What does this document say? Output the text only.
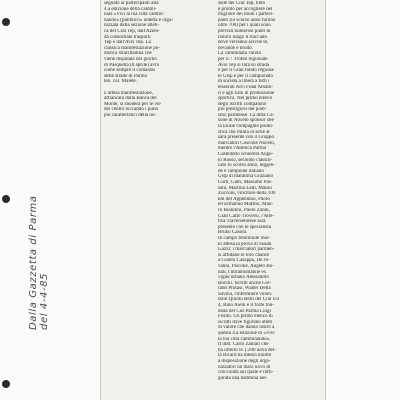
Dalla Gazzetta di Parma del 4-4-85
segnato ai partecipanti alla
4.a edizione della cammi-
nata «Vivi la tua città cammi-
nando» (pubblico» indetta e orga-
nizzata dalla sezione atleti-
ca del Cral Tep, dall'Azien-
da consortiale trasporti
Tep e dall'Avis Tep. La
classica manifestazione po-
distica stracittadina che
viene disputata nel giorno
di Pasquetta (8 aprile) avrà
come sempre il comando
delle strade di Parma
ten. col. Malete.
L'attesa manifestazione,
affiancata dalla Banca del
Monte, si snoderà per le vie
del centro toccando i punti
più caratteristici della no-
sede del Cral Tep, tutto
è pronto per accogliere nel
migliore dei modi i parteci-
panti (lo scorso anno furono
oltre 700) per i quali sono
previsti numerosi punti di
ristoro lungo il tracciato
dove verranno servite tè,
bevande e brodo.
La camminata valida
per il 7 Trofeo regionale
Avis Tep si farà su strada
e per il Gran fondo regiona-
le Uisp e per il campionato
di società a libera a tutti i
tesserati Arci Fidal Amato-
ri e agli Enti di promozione
sportiva. Nel primo elenco
degli iscritti compaiono
più prestigiosi del podi-
smo parmense. La ditta Ca-
sone di Noceto sponsor del-
la locale compagine poditi-
stica che milita in serie B
sarà presente con il Gruppo
marciatori Coscone Noceto,
mentre l'Atletica Parma
Castelletto schiererà Ange-
lo Russo, secondo classifi-
cato lo scorso anno, leggen-
de e campione italiano
Uisp di maratona Graziano
Curti, Gatti, Massimo Pas-
sani, Martino Ledi, Mauro
Zucconi, vincitore della 100
km del Appennino, Paolo
ed Ermanno Maffini, Mau-
ro Biondini, Paolo Zanni,
Gian Carlo Troversi, l'Atle-
tica Traversetolese sarà
presente con le specialista
Bruno Casoni.
In campo femminile mol-
to attesa la prova di Susan
Gazzi; i marciatori parmen-
si affidano le loro chance
a Gianni Casappa, De Jo-
vanni, Piscone, Angelo Bo-
nati, l'intramontabile ex
vigile urbano Alessandro
Borchi. Iscritti anche Cor-
rado Protasi, Walter Della
Savina, l'infermiere volon-
tario Quinto Belli del Cral Uil
4, Rino Aielli e il forte fon-
dista del Cus Parma Luigi
Fosini. Un primo elenco di
iscritti dove figurano atleti
di valore che danno lustro a
questa 4.a edizione di «Vivi
la tua città camminando».
Il dott. Carlo Zanlari che
ha offerto le 1.200 uova del-
la Ricard ha messo inoltre
a disposizione degli orga-
nizzatori un maxi uovo di
cioccolata sul quale è raffi-
gurata una bambina nel-
